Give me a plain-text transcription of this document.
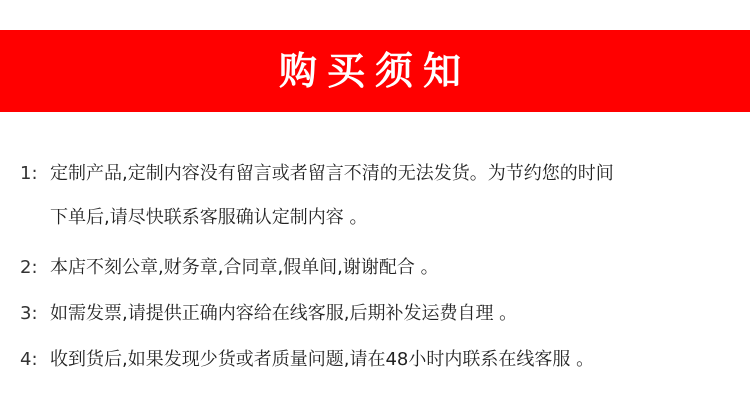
购买须知
1: 定制产品,定制内容没有留言或者留言不清的无法发货。为节约您的时间
下单后,请尽快联系客服确认定制内容 。
2: 本店不刻公章,财务章,合同章,假单间,谢谢配合 。
3: 如需发票,请提供正确内容给在线客服,后期补发运费自理 。
4: 收到货后,如果发现少货或者质量问题,请在48小时内联系在线客服 。
